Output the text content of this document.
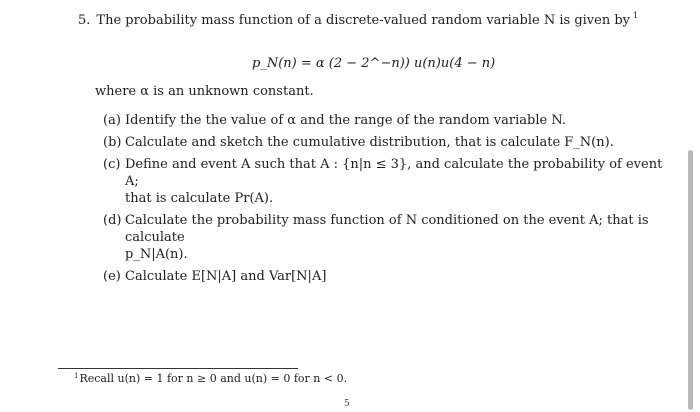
5. The probability mass function of a discrete-valued random variable N is given by $^1$
p_N(n) = α (2 − 2^−n)) u(n)u(4 − n)
where α is an unknown constant.
(a) Identify the the value of α and the range of the random variable N.
(b) Calculate and sketch the cumulative distribution, that is calculate F_N(n).
(c) Define and event A such that A : {n|n ≤ 3}, and calculate the probability of event A;
that is calculate Pr(A).
(d) Calculate the probability mass function of N conditioned on the event A; that is calculate
p_N|A(n).
(e) Calculate E[N|A] and Var[N|A]
$^1$Recall u(n) = 1 for n ≥ 0 and u(n) = 0 for n < 0.
5
